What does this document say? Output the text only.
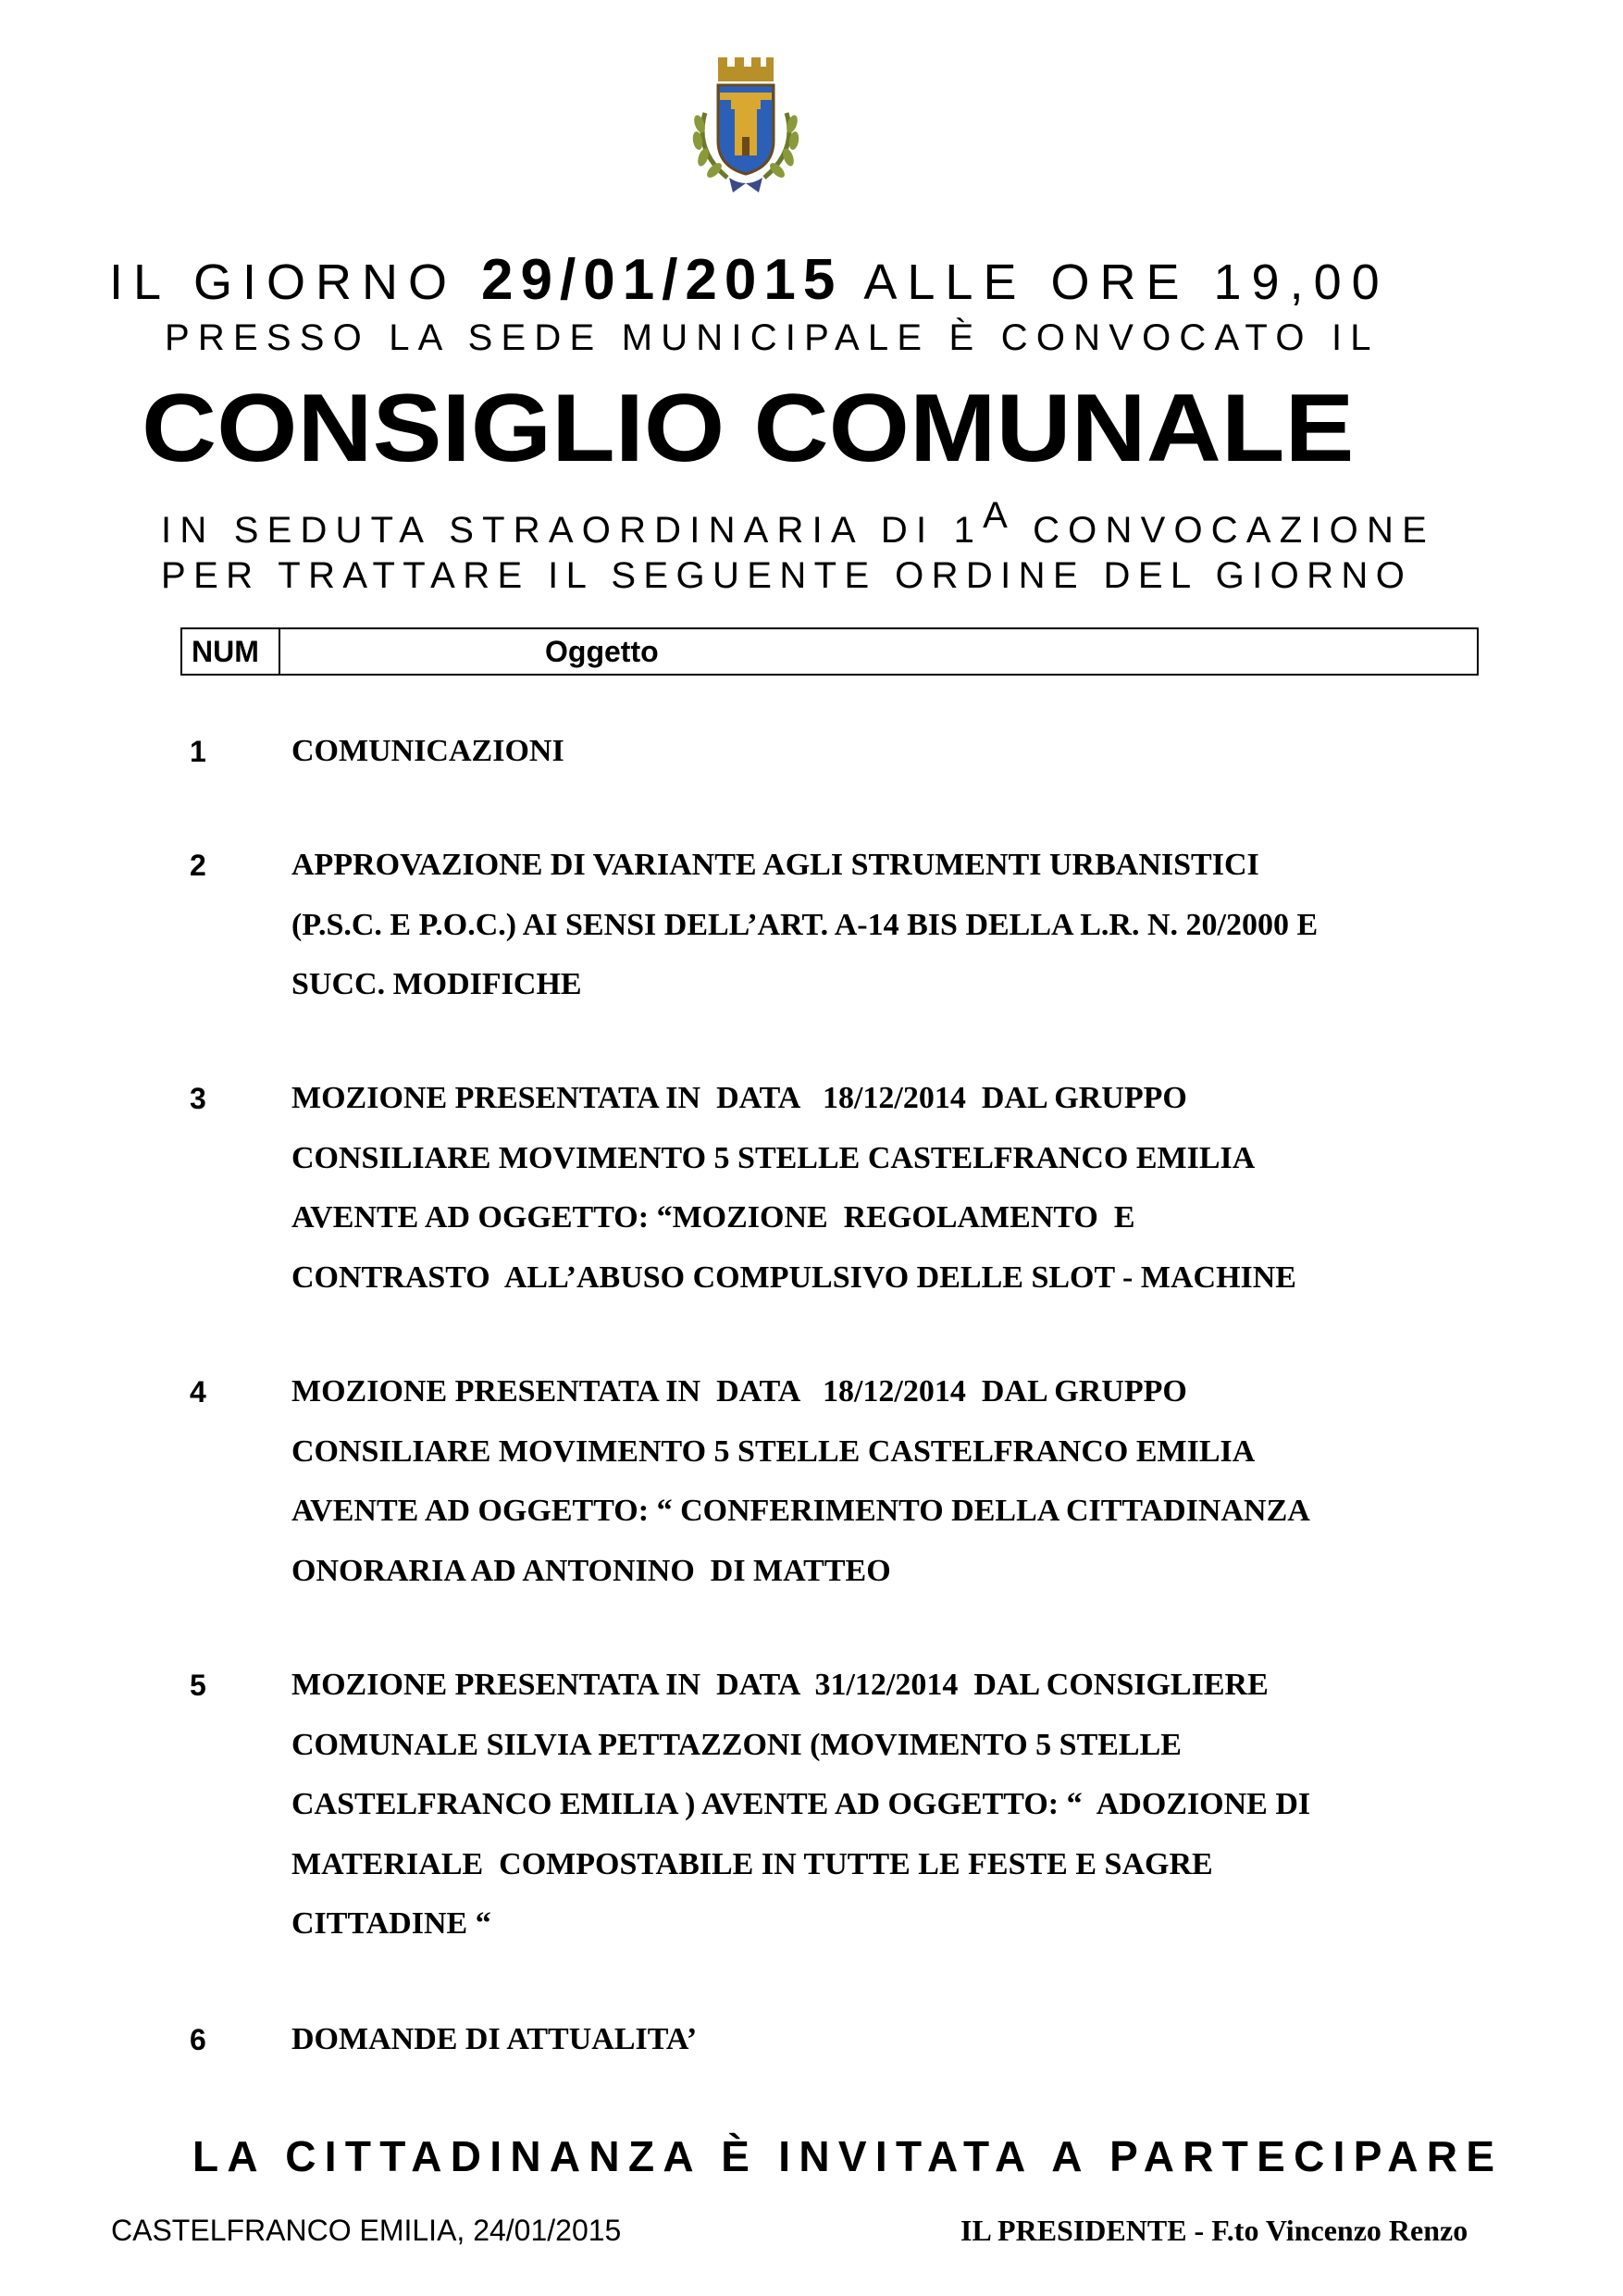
IL GIORNO 29/01/2015 ALLE ORE 19,00
PRESSO LA SEDE MUNICIPALE È CONVOCATO IL
CONSIGLIO COMUNALE
IN SEDUTA STRAORDINARIA DI $1^A$ CONVOCAZIONE
PER TRATTARE IL SEGUENTE ORDINE DEL GIORNO
NUM	Oggetto
1	COMUNICAZIONI
2	APPROVAZIONE DI VARIANTE AGLI STRUMENTI URBANISTICI
(P.S.C. E P.O.C.) AI SENSI DELL’ART. A-14 BIS DELLA L.R. N. 20/2000 E
SUCC. MODIFICHE
3	MOZIONE PRESENTATA IN  DATA   18/12/2014  DAL GRUPPO
CONSILIARE MOVIMENTO 5 STELLE CASTELFRANCO EMILIA
AVENTE AD OGGETTO: “MOZIONE  REGOLAMENTO  E
CONTRASTO  ALL’ABUSO COMPULSIVO DELLE SLOT - MACHINE
4	MOZIONE PRESENTATA IN  DATA   18/12/2014  DAL GRUPPO
CONSILIARE MOVIMENTO 5 STELLE CASTELFRANCO EMILIA
AVENTE AD OGGETTO: “ CONFERIMENTO DELLA CITTADINANZA
ONORARIA AD ANTONINO  DI MATTEO
5	MOZIONE PRESENTATA IN  DATA  31/12/2014  DAL CONSIGLIERE
COMUNALE SILVIA PETTAZZONI (MOVIMENTO 5 STELLE
CASTELFRANCO EMILIA ) AVENTE AD OGGETTO: “  ADOZIONE DI
MATERIALE  COMPOSTABILE IN TUTTE LE FESTE E SAGRE
CITTADINE “
6	DOMANDE DI ATTUALITA’
LA CITTADINANZA È INVITATA A PARTECIPARE
CASTELFRANCO EMILIA, 24/01/2015	IL PRESIDENTE - F.to Vincenzo Renzo
